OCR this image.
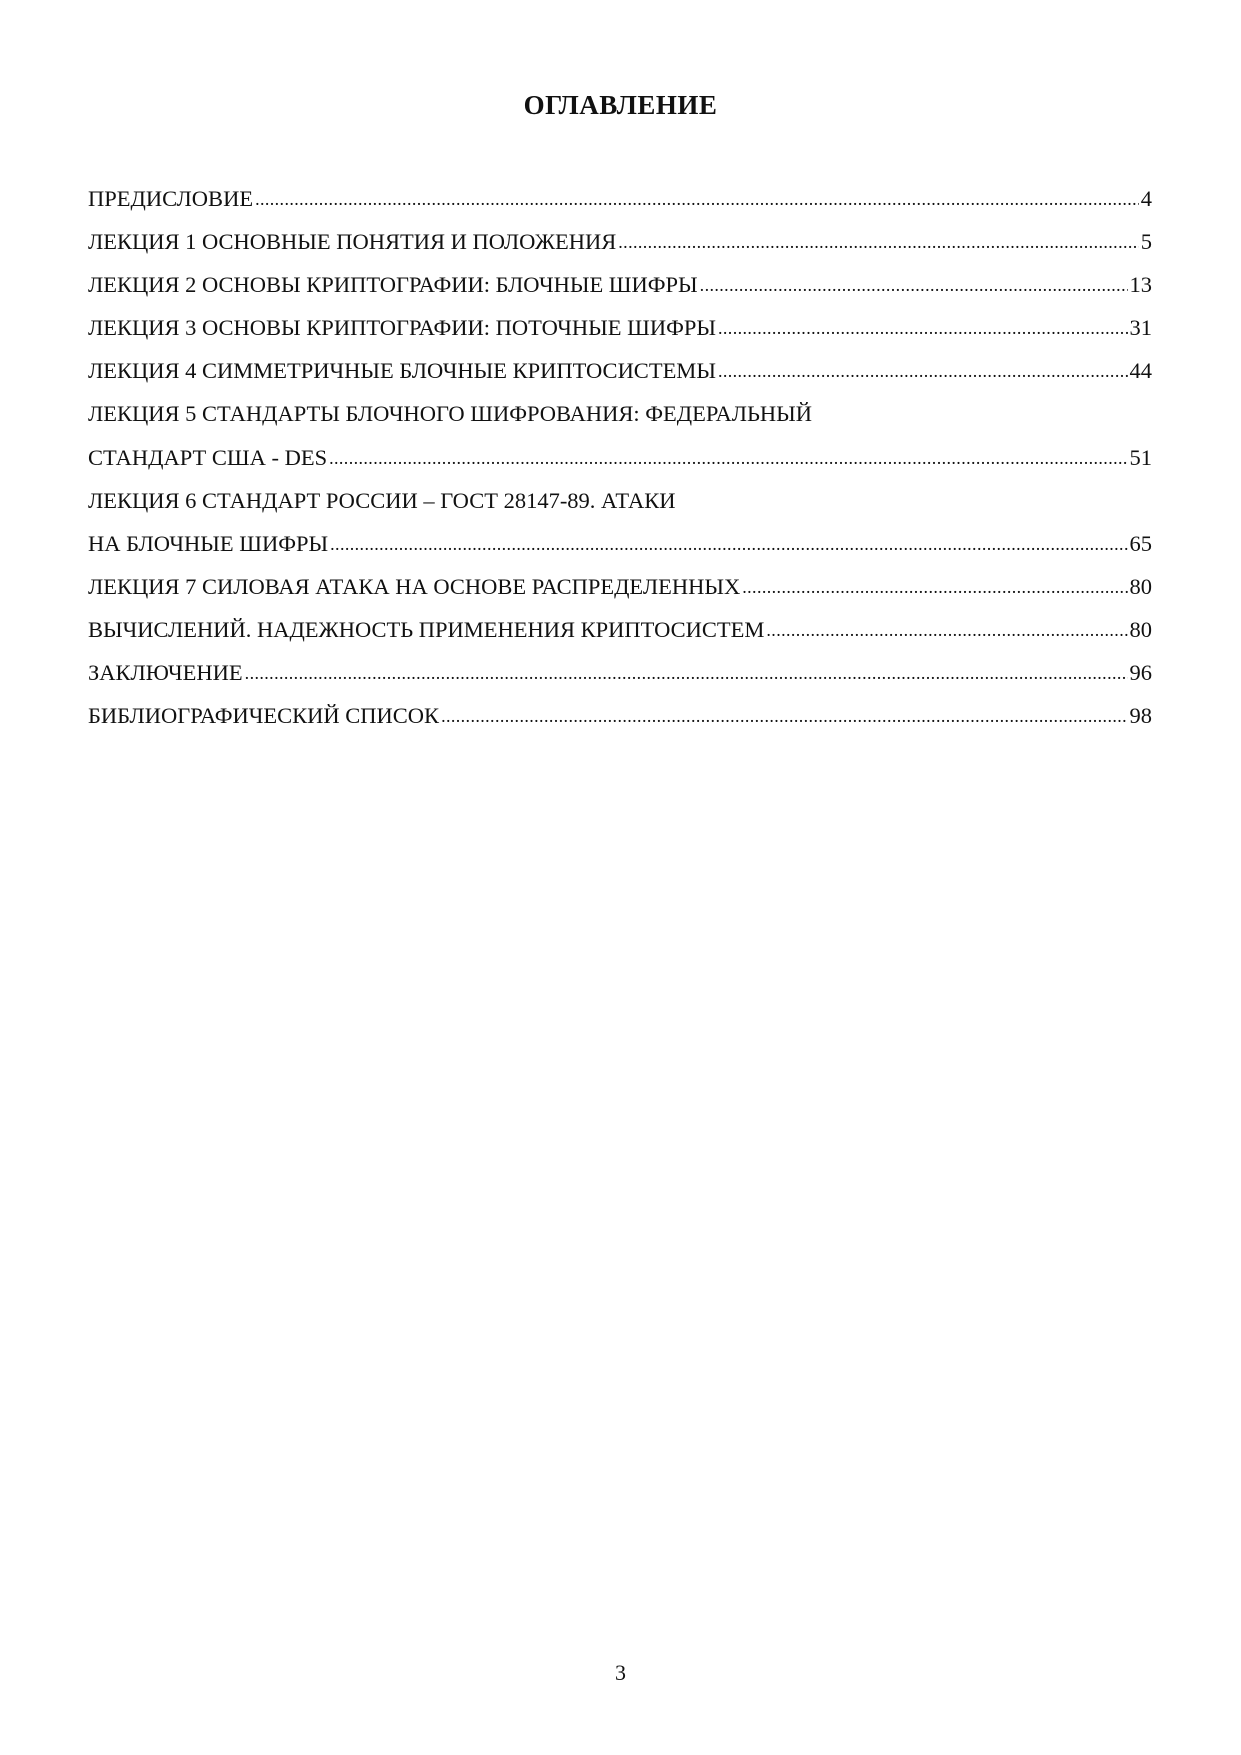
ОГЛАВЛЕНИЕ
ПРЕДИСЛОВИЕ .....	4
ЛЕКЦИЯ 1 ОСНОВНЫЕ ПОНЯТИЯ И ПОЛОЖЕНИЯ .....	5
ЛЕКЦИЯ 2 ОСНОВЫ КРИПТОГРАФИИ: БЛОЧНЫЕ ШИФРЫ .....	13
ЛЕКЦИЯ 3 ОСНОВЫ КРИПТОГРАФИИ: ПОТОЧНЫЕ ШИФРЫ .....	31
ЛЕКЦИЯ 4 СИММЕТРИЧНЫЕ БЛОЧНЫЕ КРИПТОСИСТЕМЫ .....	44
ЛЕКЦИЯ 5 СТАНДАРТЫ БЛОЧНОГО ШИФРОВАНИЯ: ФЕДЕРАЛЬНЫЙ
СТАНДАРТ США - DES .....	51
ЛЕКЦИЯ 6 СТАНДАРТ РОССИИ – ГОСТ 28147-89. АТАКИ
НА БЛОЧНЫЕ ШИФРЫ .....	65
ЛЕКЦИЯ 7 СИЛОВАЯ АТАКА НА ОСНОВЕ РАСПРЕДЕЛЕННЫХ .....	80
ВЫЧИСЛЕНИЙ. НАДЕЖНОСТЬ ПРИМЕНЕНИЯ КРИПТОСИСТЕМ .....	80
ЗАКЛЮЧЕНИЕ .....	96
БИБЛИОГРАФИЧЕСКИЙ СПИСОК .....	98
3
